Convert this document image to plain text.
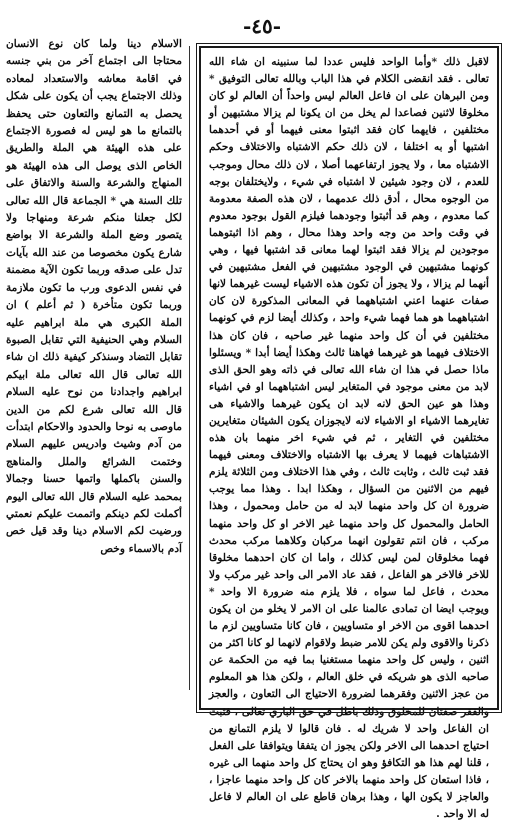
-٤٥-

الاسلام دينا ولما كان نوع الانسان محتاجا الى اجتماع آخر من بني جنسه في اقامة معاشه والاستعداد لمعاده وذلك الاجتماع يجب أن يكون على شكل يحصل به التمانع والتعاون حتى يحفظ بالتمانع ما هو ليس له فصورة الاجتماع على هذه الهيئة هي الملة والطريق الخاص الذى يوصل الى هذه الهيئة هو المنهاج والشرعة والسنة والاتفاق على تلك السنة هي * الجماعة قال الله تعالى لكل جعلنا منكم شرعة ومنهاجا ولا يتصور وضع الملة والشرعة الا بواضع شارع يكون مخصوصا من عند الله بآيات تدل على صدقه وربما تكون الآية مضمنة في نفس الدعوى ورب ما تكون ملازمة وربما تكون متأخرة ( ثم أعلم ) ان الملة الكبرى هي ملة ابراهيم عليه السلام وهي الحنيفية التي تقابل الصبوة تقابل التضاد وسنذكر كيفية ذلك ان شاء الله تعالى قال الله تعالى ملة ابيكم ابراهيم واجدادنا من نوح عليه السلام قال الله تعالى شرع لكم من الدين ماوصى به نوحا والحدود والاحكام ابتدأت من آدم وشيث وادريس عليهم السلام وختمت الشرائع والملل والمناهج والسنن باكملها واتمها حسنا وجمالا بمحمد عليه السلام قال الله تعالى اليوم أكملت لكم دينكم واتممت عليكم نعمتي ورضيت لكم الاسلام دينا وقد قيل خص آدم بالاسماء وخص

لاقبل ذلك *وأما الواحد فليس عددا لما سنبينه ان شاء الله تعالى . فقد انقضى الكلام في هذا الباب وبالله تعالى التوفيق * ومن البرهان على ان فاعل العالم ليس واحداً أن العالم لو كان مخلوقا لاثنين فصاعدا لم يخل من ان يكونا لم يزالا مشتبهين أو مختلفين ، فايهما كان فقد اثبتوا معنى فيهما أو في أحدهما اشتبها أو به اختلفا ، لان ذلك حكم الاشتباه والاختلاف وحكم الاشتباه معا ، ولا يجوز ارتفاعهما أصلا ، لان ذلك محال وموجب للعدم ، لان وجود شيئين لا اشتباه في شيء ، ولايختلفان بوجه من الوجوه محال ، أدق ذلك عدمهما ، لان هذه الصفة معدومة كما معدوم ، وهم قد أثبتوا وجودهما فيلزم القول بوجود معدوم في وقت واحد من وجه واحد وهذا محال ، وهم اذا اثبتوهما موجودين لم يزالا فقد اثبتوا لهما معانى قد اشتبها فيها ، وهي كونهما مشتبهين في الوجود مشتبهين في الفعل مشتبهين في أنهما لم يزالا ، ولا يجوز أن تكون هذه الاشياء ليست غيرهما لانها صفات عنهما اعني اشتباههما في المعانى المذكورة لان كان اشتباههما هو هما فهما شيء واحد ، وكذلك أيضا لزم في كونهما مختلفين في أن كل واحد منهما غير صاحبه ، فان كان هذا الاختلاف فيهما هو غيرهما فهاهنا ثالث وهكذا أيضا أبدا * ويسئلوا ماذا حصل في هذا ان شاء الله تعالى في ذاته وهو الحق الذى لابد من معنى موجود في المتغاير ليس اشتباههما او في اشياء وهذا هو عين الحق لانه لابد ان يكون غيرهما والاشياء هى تغايرهما الاشياء او الاشياء لانه لايجوزان يكون الشيئان متغايرين مختلفين في التغاير ، ثم في شيء اخر منهما بان هذه الاشتباهات فيهما لا يعرف بها الاشتباه والاختلاف ومعنى فيهما فقد ثبت ثالث ، وثابت ثالث ، وفي هذا الاختلاف ومن الثلاثة يلزم فيهم من الاثنين من السؤال ، وهكذا ابدا . وهذا مما يوجب ضرورة ان كل واحد منهما لابد له من حامل ومحمول ، وهذا الحامل والمحمول كل واحد منهما غير الاخر او كل واحد منهما مركب ، فان انتم تقولون انهما مركبان وكلاهما مركب محدث فهما مخلوقان لمن ليس كذلك ، واما ان كان احدهما مخلوقا للاخر فالاخر هو الفاعل ، فقد عاد الامر الى واحد غير مركب ولا محدث ، فاعل لما سواه ، فلا يلزم منه ضرورة الا واحد * ويوجب ايضا ان تمادى عالمنا على ان الامر لا يخلو من ان يكون احدهما اقوى من الاخر او متساويين ، فان كانا متساويين لزم ما ذكرنا والاقوى ولم يكن للامر ضبط ولاقوام لانهما لو كانا اكثر من اثنين ، وليس كل واحد منهما مستغنيا بما فيه من الحكمة عن صاحبه الذى هو شريكه في خلق العالم ، ولكن هذا هو المعلوم من عجز الاثنين وفقرهما لضرورة الاحتياج الى التعاون ، والعجز والفقر صفتان للمخلوق وذلك باطل في حق الباري تعالى ، فثبت ان الفاعل واحد لا شريك له . فان قالوا لا يلزم التمانع من احتياج احدهما الى الاخر ولكن يجوز ان يتفقا ويتوافقا على الفعل ، قلنا لهم هذا هو التكافؤ وهو ان يحتاج كل واحد منهما الى غيره ، فاذا استعان كل واحد منهما بالاخر كان كل واحد منهما عاجزا ، والعاجز لا يكون الها ، وهذا برهان قاطع على ان العالم لا فاعل له الا واحد .
